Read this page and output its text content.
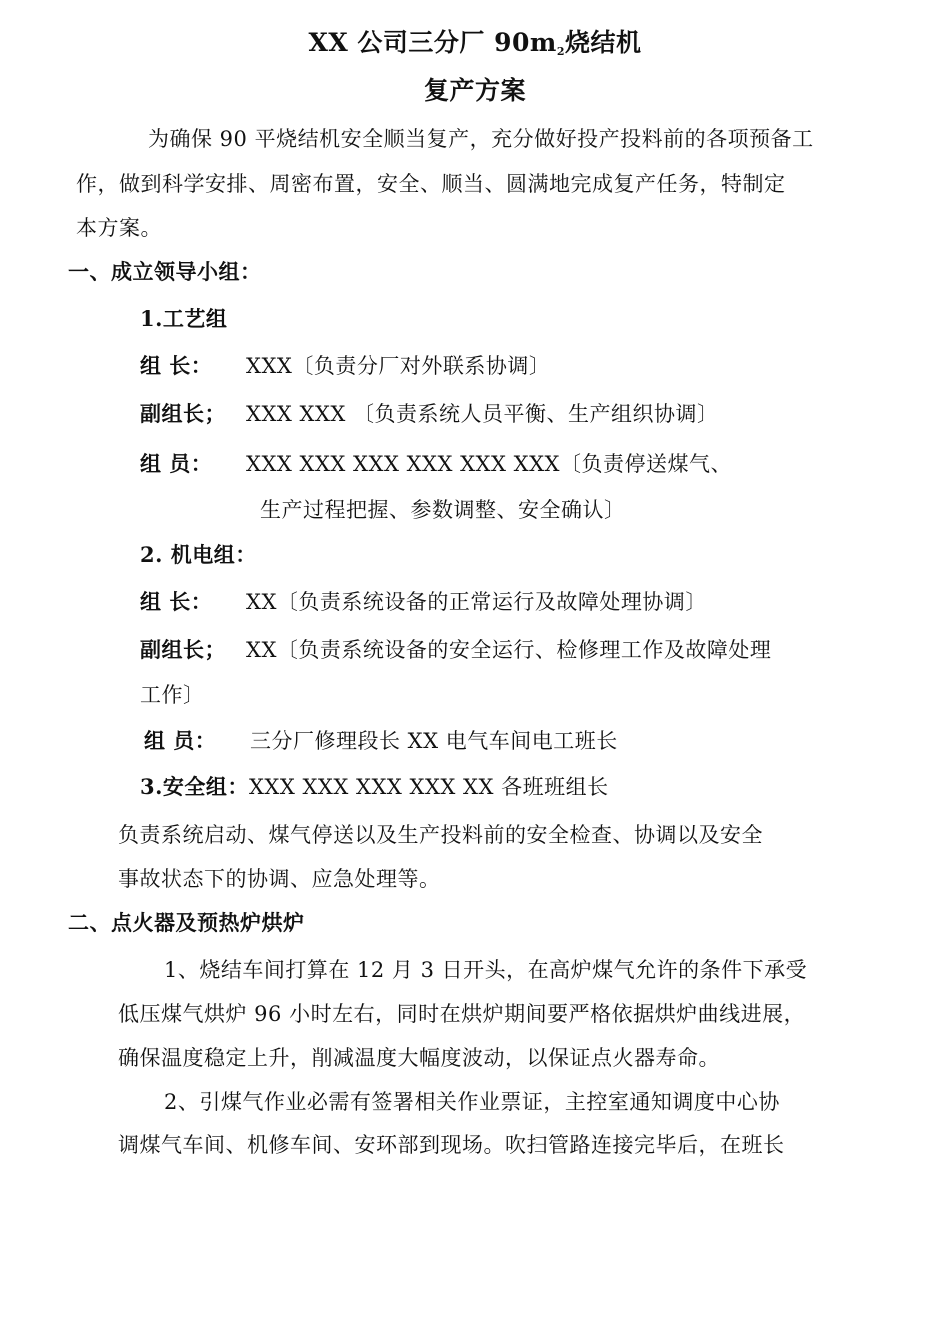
XX 公司三分厂 90m2烧结机
复产方案
为确保 90 平烧结机安全顺当复产，充分做好投产投料前的各项预备工
作，做到科学安排、周密布置，安全、顺当、圆满地完成复产任务，特制定
本方案。
一、成立领导小组：
1.工艺组
组 长： XXX〔负责分厂对外联系协调〕
副组长； XXX XXX 〔负责系统人员平衡、生产组织协调〕
组 员： XXX XXX XXX XXX XXX XXX〔负责停送煤气、
生产过程把握、参数调整、安全确认〕
2. 机电组：
组 长： XX〔负责系统设备的正常运行及故障处理协调〕
副组长； XX〔负责系统设备的安全运行、检修理工作及故障处理
工作〕
组 员： 三分厂修理段长 XX 电气车间电工班长
3.安全组：XXX XXX XXX XXX XX 各班班组长
负责系统启动、煤气停送以及生产投料前的安全检查、协调以及安全
事故状态下的协调、应急处理等。
二、点火器及预热炉烘炉
1、烧结车间打算在 12 月 3 日开头，在高炉煤气允许的条件下承受
低压煤气烘炉 96 小时左右，同时在烘炉期间要严格依据烘炉曲线进展，
确保温度稳定上升，削减温度大幅度波动，以保证点火器寿命。
2、引煤气作业必需有签署相关作业票证，主控室通知调度中心协
调煤气车间、机修车间、安环部到现场。吹扫管路连接完毕后，在班长
